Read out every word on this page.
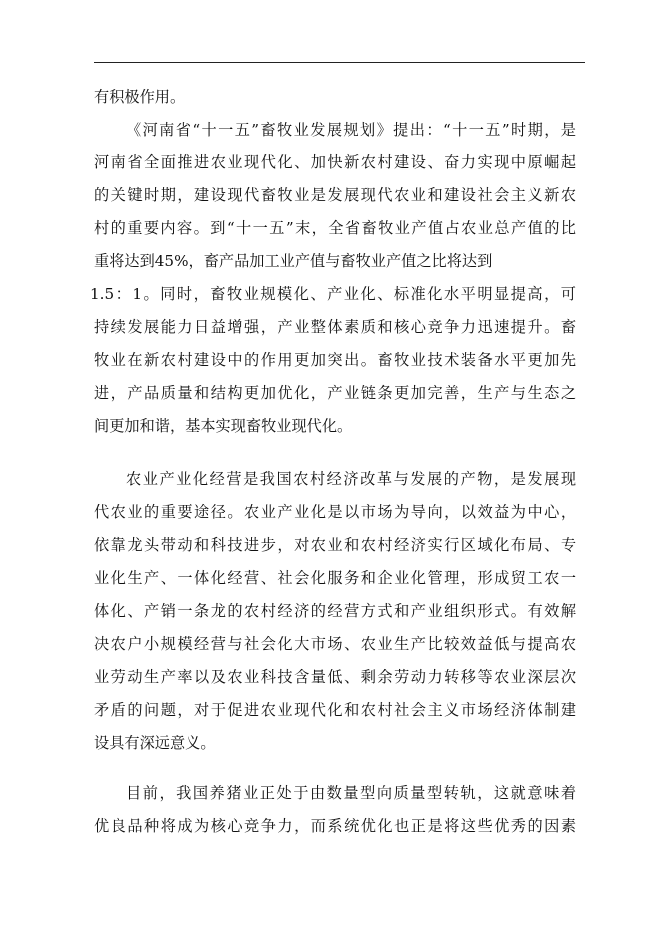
有积极作用。
《河南省“十一五”畜牧业发展规划》提出：“十一五”时期，是
河南省全面推进农业现代化、加快新农村建设、奋力实现中原崛起
的关键时期，建设现代畜牧业是发展现代农业和建设社会主义新农
村的重要内容。到“十一五”末，全省畜牧业产值占农业总产值的比
重将达到45%，畜产品加工业产值与畜牧业产值之比将达到
1.5：1。同时，畜牧业规模化、产业化、标准化水平明显提高，可
持续发展能力日益增强，产业整体素质和核心竞争力迅速提升。畜
牧业在新农村建设中的作用更加突出。畜牧业技术装备水平更加先
进，产品质量和结构更加优化，产业链条更加完善，生产与生态之
间更加和谐，基本实现畜牧业现代化。
农业产业化经营是我国农村经济改革与发展的产物，是发展现
代农业的重要途径。农业产业化是以市场为导向，以效益为中心，
依靠龙头带动和科技进步，对农业和农村经济实行区域化布局、专
业化生产、一体化经营、社会化服务和企业化管理，形成贸工农一
体化、产销一条龙的农村经济的经营方式和产业组织形式。有效解
决农户小规模经营与社会化大市场、农业生产比较效益低与提高农
业劳动生产率以及农业科技含量低、剩余劳动力转移等农业深层次
矛盾的问题，对于促进农业现代化和农村社会主义市场经济体制建
设具有深远意义。
目前，我国养猪业正处于由数量型向质量型转轨，这就意味着
优良品种将成为核心竞争力，而系统优化也正是将这些优秀的因素
